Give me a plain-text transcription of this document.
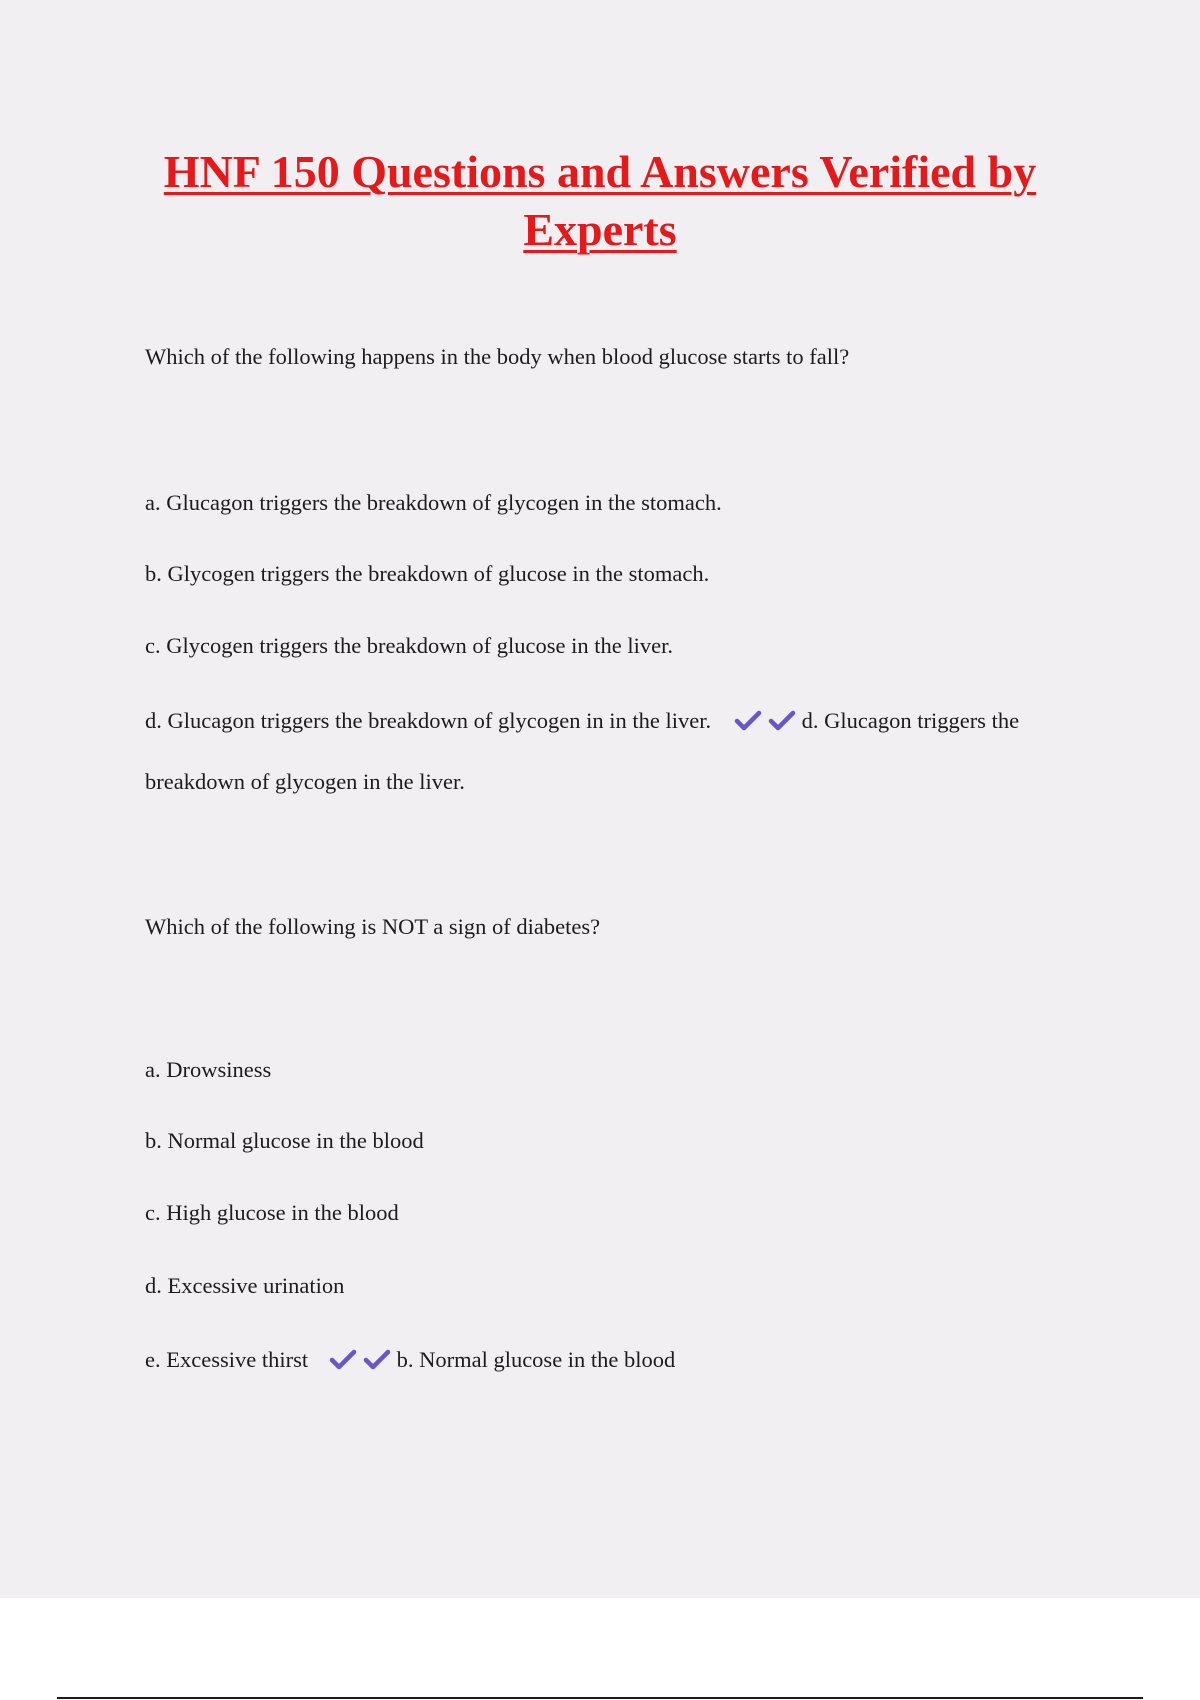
HNF 150 Questions and Answers Verified by Experts
Which of the following happens in the body when blood glucose starts to fall?
a. Glucagon triggers the breakdown of glycogen in the stomach.
b. Glycogen triggers the breakdown of glucose in the stomach.
c. Glycogen triggers the breakdown of glucose in the liver.
d. Glucagon triggers the breakdown of glycogen in in the liver.
	d. Glucagon triggers the
breakdown of glycogen in the liver.
Which of the following is NOT a sign of diabetes?
a. Drowsiness
b. Normal glucose in the blood
c. High glucose in the blood
d. Excessive urination
e. Excessive thirst
	b. Normal glucose in the blood
